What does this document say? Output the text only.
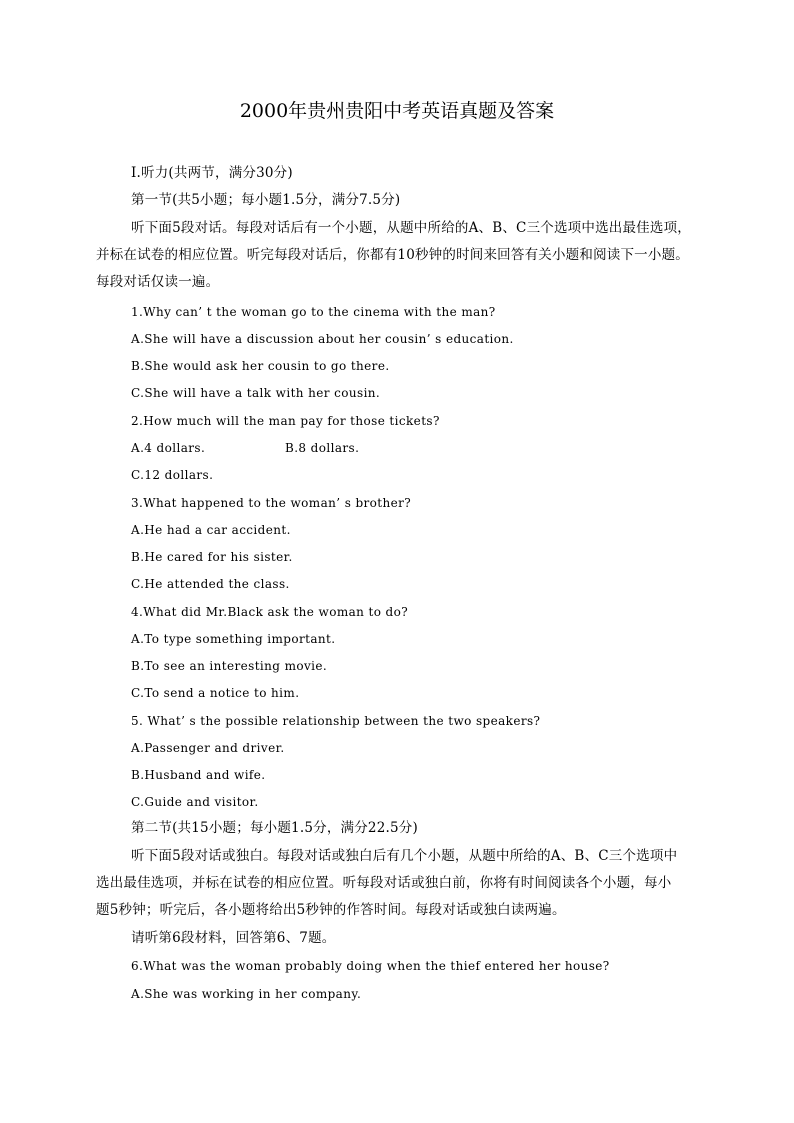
2000年贵州贵阳中考英语真题及答案
Ⅰ.听力(共两节，满分30分)
第一节(共5小题；每小题1.5分，满分7.5分)
听下面5段对话。每段对话后有一个小题，从题中所给的A、B、C三个选项中选出最佳选项，
并标在试卷的相应位置。听完每段对话后，你都有10秒钟的时间来回答有关小题和阅读下一小题。
每段对话仅读一遍。
1.Why can’ t the woman go to the cinema with the man?
A.She will have a discussion about her cousin’ s education.
B.She would ask her cousin to go there.
C.She will have a talk with her cousin.
2.How much will the man pay for those tickets?
A.4 dollars.	B.8 dollars.
C.12 dollars.
3.What happened to the woman’ s brother?
A.He had a car accident.
B.He cared for his sister.
C.He attended the class.
4.What did Mr.Black ask the woman to do?
A.To type something important.
B.To see an interesting movie.
C.To send a notice to him.
5. What’ s the possible relationship between the two speakers?
A.Passenger and driver.
B.Husband and wife.
C.Guide and visitor.
第二节(共15小题；每小题1.5分，满分22.5分)
听下面5段对话或独白。每段对话或独白后有几个小题，从题中所给的A、B、C三个选项中
选出最佳选项，并标在试卷的相应位置。听每段对话或独白前，你将有时间阅读各个小题，每小
题5秒钟；听完后，各小题将给出5秒钟的作答时间。每段对话或独白读两遍。
请听第6段材料，回答第6、7题。
6.What was the woman probably doing when the thief entered her house?
A.She was working in her company.
